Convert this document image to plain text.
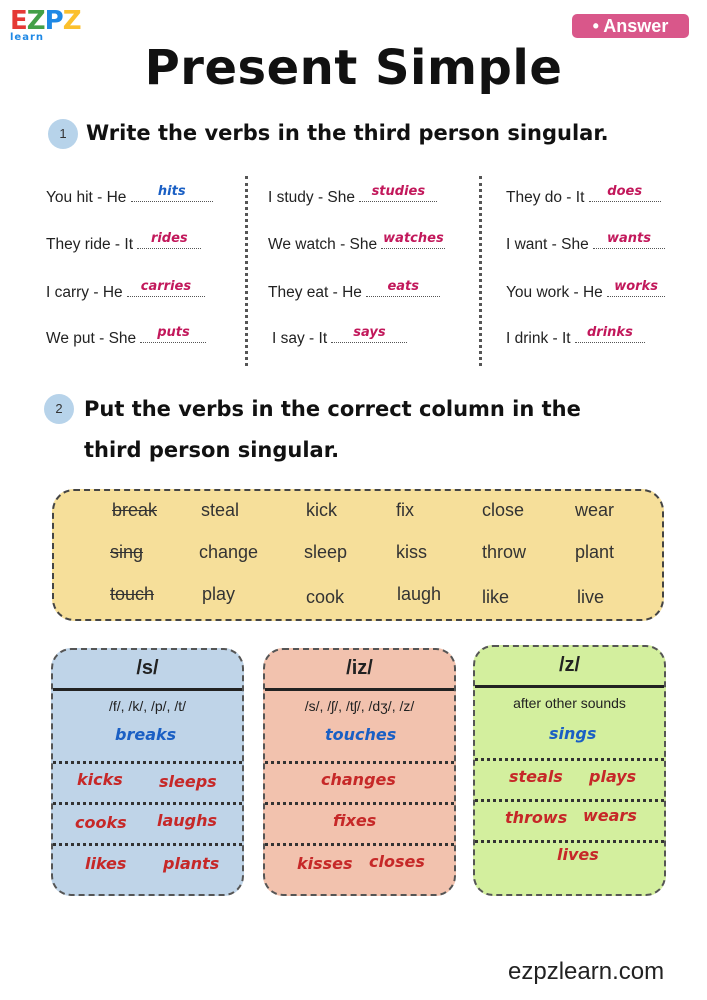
EZPZ
learn
• Answer
Present Simple
1 Write the verbs in the third person singular.
You hit - He	hits
They ride - It	rides
I carry - He	carries
We put - She	puts
I study - She studies
We watch - She watches
They eat - He	eats
I say - It	says
They do - It	does
I want - She	wants
You work - He works
I drink - It drinks
2	Put the verbs in the correct column in the
third person singular.
break steal	kick	fix	close	wear
sing	change	sleep	kiss	throw	plant
touch	play	cook	laugh like	live
/s/
/f/, /k/, /p/, /t/
breaks
kicks sleeps
cooks laughs
likes plants
/iz/
/s/, /ʃ/, /tʃ/, /dʒ/, /z/
touches
changes
fixes
kisses closes
/z/
after other sounds
sings
steals plays
throws wears
lives
ezpzlearn.com
